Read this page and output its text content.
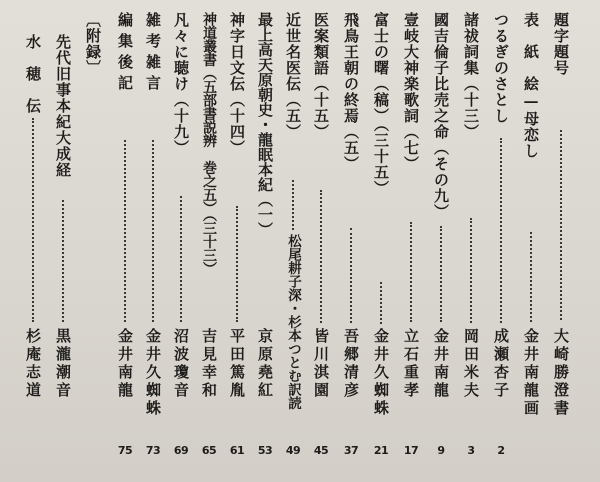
題字題号
大崎勝澄書
表　紙　絵—母恋し
金井南龍画
つるぎのさとし
成瀬杏子
2
諸祓詞集（十三）
岡田米夫
3
國吉倫子比売之命（その九）
金井南龍
9
壹岐大神楽歌詞（七）
立石重孝
17
富士の曙（稿）（三十五）
金井久蜘蛛
21
飛鳥王朝の終焉（五）
吾郷清彦
37
医案類語（十五）
皆川淇園
45
近世名医伝（五）
松尾耕子深・杉本つとむ訳読
49
最上高天原朝史・龍眠本紀（一）
京原堯紅
53
神字日文伝（十四）
平田篤胤
61
神道叢書（五部書説辨　巻之五）（三十三）
吉見幸和
65
凡々に聴け（十九）
沼波瓊音
69
雑考雑言
金井久蜘蛛
73
編集後記
金井南龍
75
〔附録〕
先代旧事本紀大成経
黒瀧潮音
水　穂　伝
杉庵志道
